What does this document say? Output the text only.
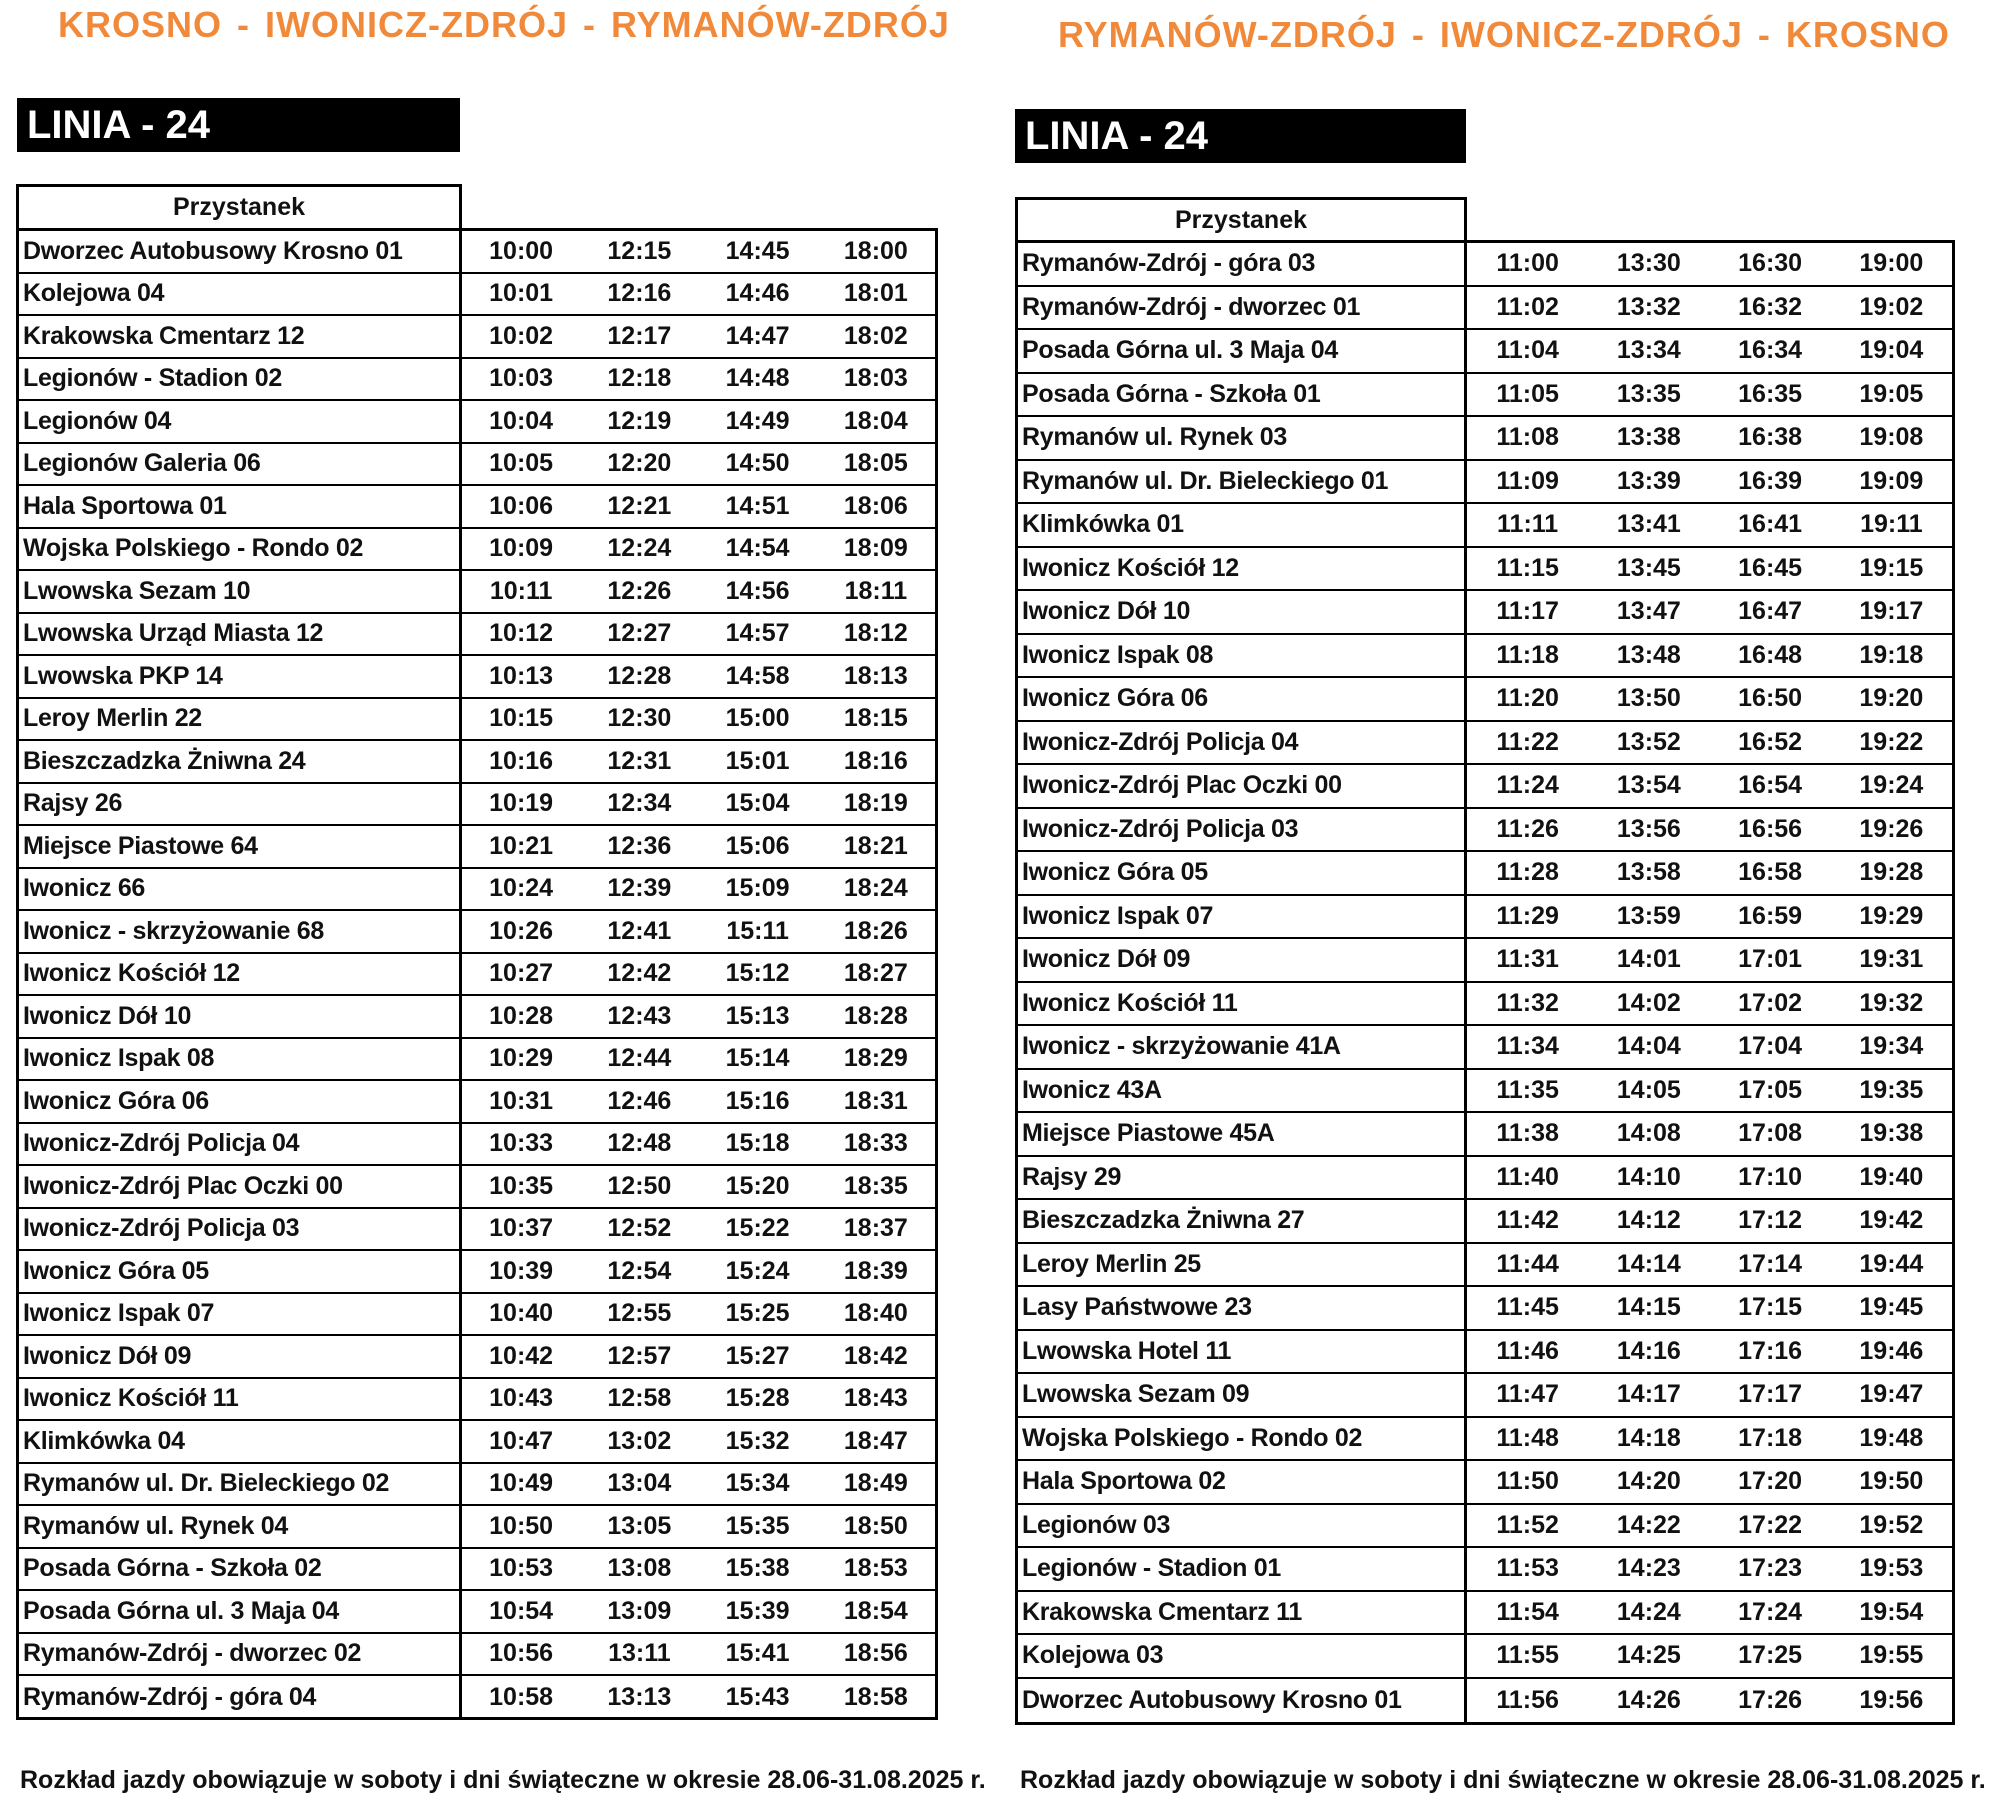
KROSNO - IWONICZ-ZDRÓJ - RYMANÓW-ZDRÓJ	RYMANÓW-ZDRÓJ - IWONICZ-ZDRÓJ - KROSNO
LINIA - 24	LINIA - 24
Przystanek	Przystanek
Dworzec Autobusowy Krosno 01	10:00	12:15	14:45	18:00
Kolejowa 04	10:01	12:16	14:46	18:01
Krakowska Cmentarz 12	10:02	12:17	14:47	18:02
Legionów - Stadion 02	10:03	12:18	14:48	18:03
Legionów 04	10:04	12:19	14:49	18:04
Legionów Galeria 06	10:05	12:20	14:50	18:05
Hala Sportowa 01	10:06	12:21	14:51	18:06
Wojska Polskiego - Rondo 02	10:09	12:24	14:54	18:09
Lwowska Sezam 10	10:11	12:26	14:56	18:11
Lwowska Urząd Miasta 12	10:12	12:27	14:57	18:12
Lwowska PKP 14	10:13	12:28	14:58	18:13
Leroy Merlin 22	10:15	12:30	15:00	18:15
Bieszczadzka Żniwna 24	10:16	12:31	15:01	18:16
Rajsy 26	10:19	12:34	15:04	18:19
Miejsce Piastowe 64	10:21	12:36	15:06	18:21
Iwonicz 66	10:24	12:39	15:09	18:24
Iwonicz - skrzyżowanie 68	10:26	12:41	15:11	18:26
Iwonicz Kościół 12	10:27	12:42	15:12	18:27
Iwonicz Dół 10	10:28	12:43	15:13	18:28
Iwonicz Ispak 08	10:29	12:44	15:14	18:29
Iwonicz Góra 06	10:31	12:46	15:16	18:31
Iwonicz-Zdrój Policja 04	10:33	12:48	15:18	18:33
Iwonicz-Zdrój Plac Oczki 00	10:35	12:50	15:20	18:35
Iwonicz-Zdrój Policja 03	10:37	12:52	15:22	18:37
Iwonicz Góra 05	10:39	12:54	15:24	18:39
Iwonicz Ispak 07	10:40	12:55	15:25	18:40
Iwonicz Dół 09	10:42	12:57	15:27	18:42
Iwonicz Kościół 11	10:43	12:58	15:28	18:43
Klimkówka 04	10:47	13:02	15:32	18:47
Rymanów ul. Dr. Bieleckiego 02	10:49	13:04	15:34	18:49
Rymanów ul. Rynek 04	10:50	13:05	15:35	18:50
Posada Górna - Szkoła 02	10:53	13:08	15:38	18:53
Posada Górna ul. 3 Maja 04	10:54	13:09	15:39	18:54
Rymanów-Zdrój - dworzec 02	10:56	13:11	15:41	18:56
Rymanów-Zdrój - góra 04	10:58	13:13	15:43	18:58
Rymanów-Zdrój - góra 03	11:00	13:30	16:30	19:00
Rymanów-Zdrój - dworzec 01	11:02	13:32	16:32	19:02
Posada Górna ul. 3 Maja 04	11:04	13:34	16:34	19:04
Posada Górna - Szkoła 01	11:05	13:35	16:35	19:05
Rymanów ul. Rynek 03	11:08	13:38	16:38	19:08
Rymanów ul. Dr. Bieleckiego 01	11:09	13:39	16:39	19:09
Klimkówka 01	11:11	13:41	16:41	19:11
Iwonicz Kościół 12	11:15	13:45	16:45	19:15
Iwonicz Dół 10	11:17	13:47	16:47	19:17
Iwonicz Ispak 08	11:18	13:48	16:48	19:18
Iwonicz Góra 06	11:20	13:50	16:50	19:20
Iwonicz-Zdrój Policja 04	11:22	13:52	16:52	19:22
Iwonicz-Zdrój Plac Oczki 00	11:24	13:54	16:54	19:24
Iwonicz-Zdrój Policja 03	11:26	13:56	16:56	19:26
Iwonicz Góra 05	11:28	13:58	16:58	19:28
Iwonicz Ispak 07	11:29	13:59	16:59	19:29
Iwonicz Dół 09	11:31	14:01	17:01	19:31
Iwonicz Kościół 11	11:32	14:02	17:02	19:32
Iwonicz - skrzyżowanie 41A	11:34	14:04	17:04	19:34
Iwonicz 43A	11:35	14:05	17:05	19:35
Miejsce Piastowe 45A	11:38	14:08	17:08	19:38
Rajsy 29	11:40	14:10	17:10	19:40
Bieszczadzka Żniwna 27	11:42	14:12	17:12	19:42
Leroy Merlin 25	11:44	14:14	17:14	19:44
Lasy Państwowe 23	11:45	14:15	17:15	19:45
Lwowska Hotel 11	11:46	14:16	17:16	19:46
Lwowska Sezam 09	11:47	14:17	17:17	19:47
Wojska Polskiego - Rondo 02	11:48	14:18	17:18	19:48
Hala Sportowa 02	11:50	14:20	17:20	19:50
Legionów 03	11:52	14:22	17:22	19:52
Legionów - Stadion 01	11:53	14:23	17:23	19:53
Krakowska Cmentarz 11	11:54	14:24	17:24	19:54
Kolejowa 03	11:55	14:25	17:25	19:55
Dworzec Autobusowy Krosno 01	11:56	14:26	17:26	19:56
Rozkład jazdy obowiązuje w soboty i dni świąteczne w okresie 28.06-31.08.2025 r. Rozkład jazdy obowiązuje w soboty i dni świąteczne w okresie 28.06-31.08.2025 r.
